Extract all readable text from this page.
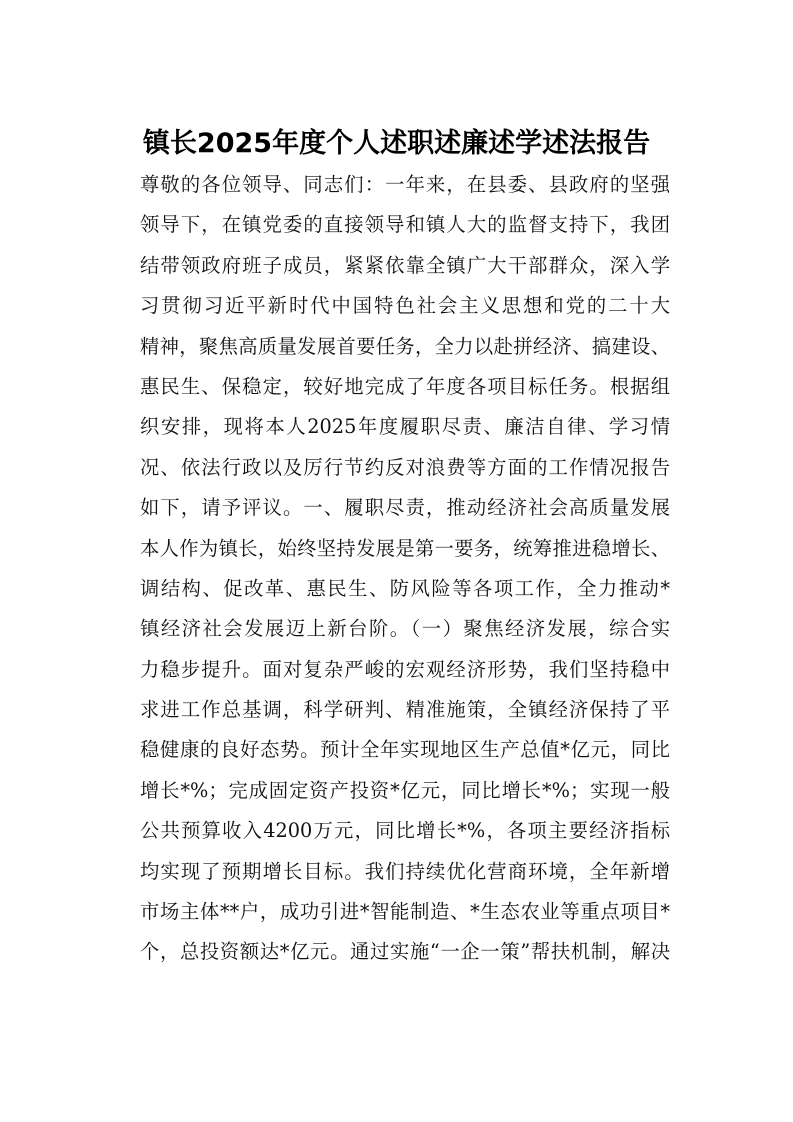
镇长2025年度个人述职述廉述学述法报告
尊敬的各位领导、同志们：一年来，在县委、县政府的坚强
领导下，在镇党委的直接领导和镇人大的监督支持下，我团
结带领政府班子成员，紧紧依靠全镇广大干部群众，深入学
习贯彻习近平新时代中国特色社会主义思想和党的二十大
精神，聚焦高质量发展首要任务，全力以赴拼经济、搞建设、
惠民生、保稳定，较好地完成了年度各项目标任务。根据组
织安排，现将本人2025年度履职尽责、廉洁自律、学习情
况、依法行政以及厉行节约反对浪费等方面的工作情况报告
如下，请予评议。一、履职尽责，推动经济社会高质量发展
本人作为镇长，始终坚持发展是第一要务，统筹推进稳增长、
调结构、促改革、惠民生、防风险等各项工作，全力推动*
镇经济社会发展迈上新台阶。（一）聚焦经济发展，综合实
力稳步提升。面对复杂严峻的宏观经济形势，我们坚持稳中
求进工作总基调，科学研判、精准施策，全镇经济保持了平
稳健康的良好态势。预计全年实现地区生产总值*亿元，同比
增长*%；完成固定资产投资*亿元，同比增长*%；实现一般
公共预算收入4200万元，同比增长*%，各项主要经济指标
均实现了预期增长目标。我们持续优化营商环境，全年新增
市场主体**户，成功引进*智能制造、*生态农业等重点项目*
个，总投资额达*亿元。通过实施“一企一策”帮扶机制，解决
